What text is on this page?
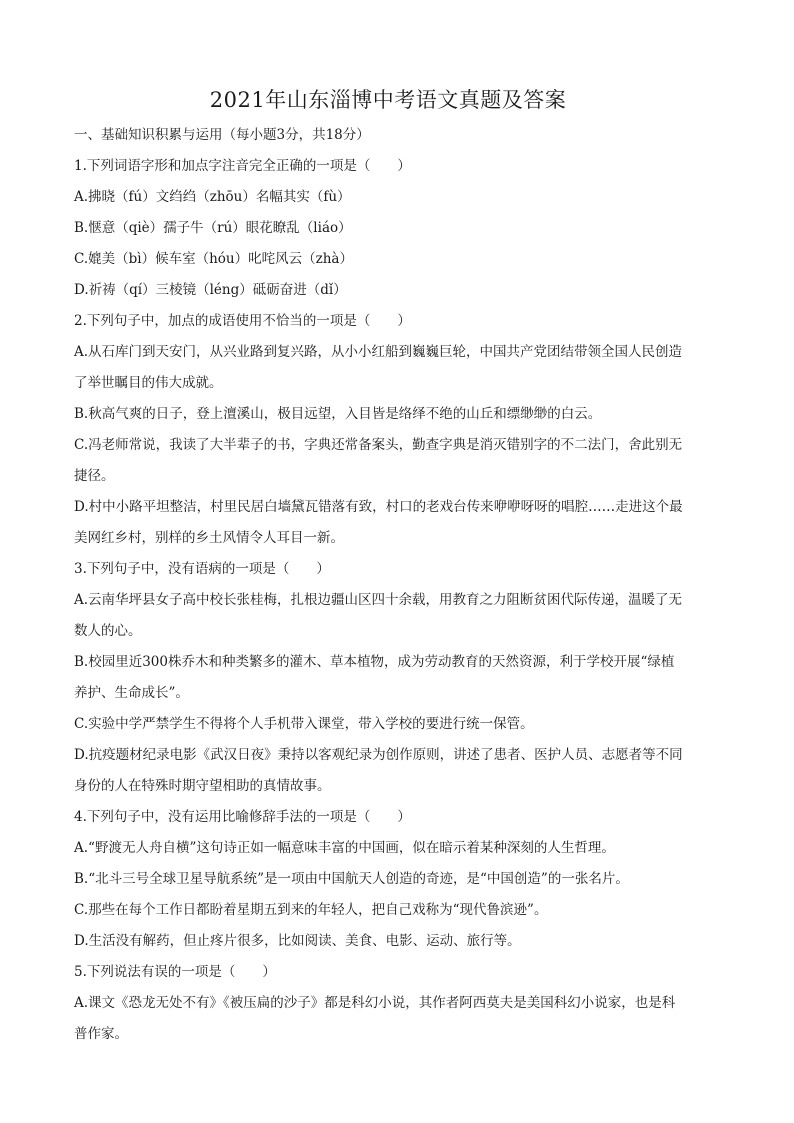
2021年山东淄博中考语文真题及答案

一、基础知识积累与运用（每小题3分，共18分）

1.下列词语字形和加点字注音完全正确的一项是（　　）

A.拂晓（fú）文绉绉（zhōu）名幅其实（fù）

B.惬意（qiè）孺子牛（rú）眼花瞭乱（liáo）

C.媲美（bì）候车室（hóu）叱咤风云（zhà）

D.祈祷（qí）三棱镜（léng）砥砺奋进（dǐ）

2.下列句子中，加点的成语使用不恰当的一项是（　　）

A.从石库门到天安门，从兴业路到复兴路，从小小红船到巍巍巨轮，中国共产党团结带领全国人民创造

了举世瞩目的伟大成就。

B.秋高气爽的日子，登上澶溪山，极目远望，入目皆是络绎不绝的山丘和缥缈缈的白云。

C.冯老师常说，我读了大半辈子的书，字典还常备案头，勤查字典是消灭错别字的不二法门，舍此别无

捷径。

D.村中小路平坦整洁，村里民居白墙黛瓦错落有致，村口的老戏台传来咿咿呀呀的唱腔……走进这个最

美网红乡村，别样的乡土风情令人耳目一新。

3.下列句子中，没有语病的一项是（　　）

A.云南华坪县女子高中校长张桂梅，扎根边疆山区四十余载，用教育之力阻断贫困代际传递，温暖了无

数人的心。

B.校园里近300株乔木和种类繁多的灌木、草本植物，成为劳动教育的天然资源，利于学校开展“绿植

养护、生命成长”。

C.实验中学严禁学生不得将个人手机带入课堂，带入学校的要进行统一保管。

D.抗疫题材纪录电影《武汉日夜》秉持以客观纪录为创作原则，讲述了患者、医护人员、志愿者等不同

身份的人在特殊时期守望相助的真情故事。

4.下列句子中，没有运用比喻修辞手法的一项是（　　）

A.“野渡无人舟自横”这句诗正如一幅意味丰富的中国画，似在暗示着某种深刻的人生哲理。

B.“北斗三号全球卫星导航系统”是一项由中国航天人创造的奇迹，是“中国创造”的一张名片。

C.那些在每个工作日都盼着星期五到来的年轻人，把自己戏称为“现代鲁滨逊”。

D.生活没有解药，但止疼片很多，比如阅读、美食、电影、运动、旅行等。

5.下列说法有误的一项是（　　）

A.课文《恐龙无处不有》《被压扁的沙子》都是科幻小说，其作者阿西莫夫是美国科幻小说家，也是科

普作家。
